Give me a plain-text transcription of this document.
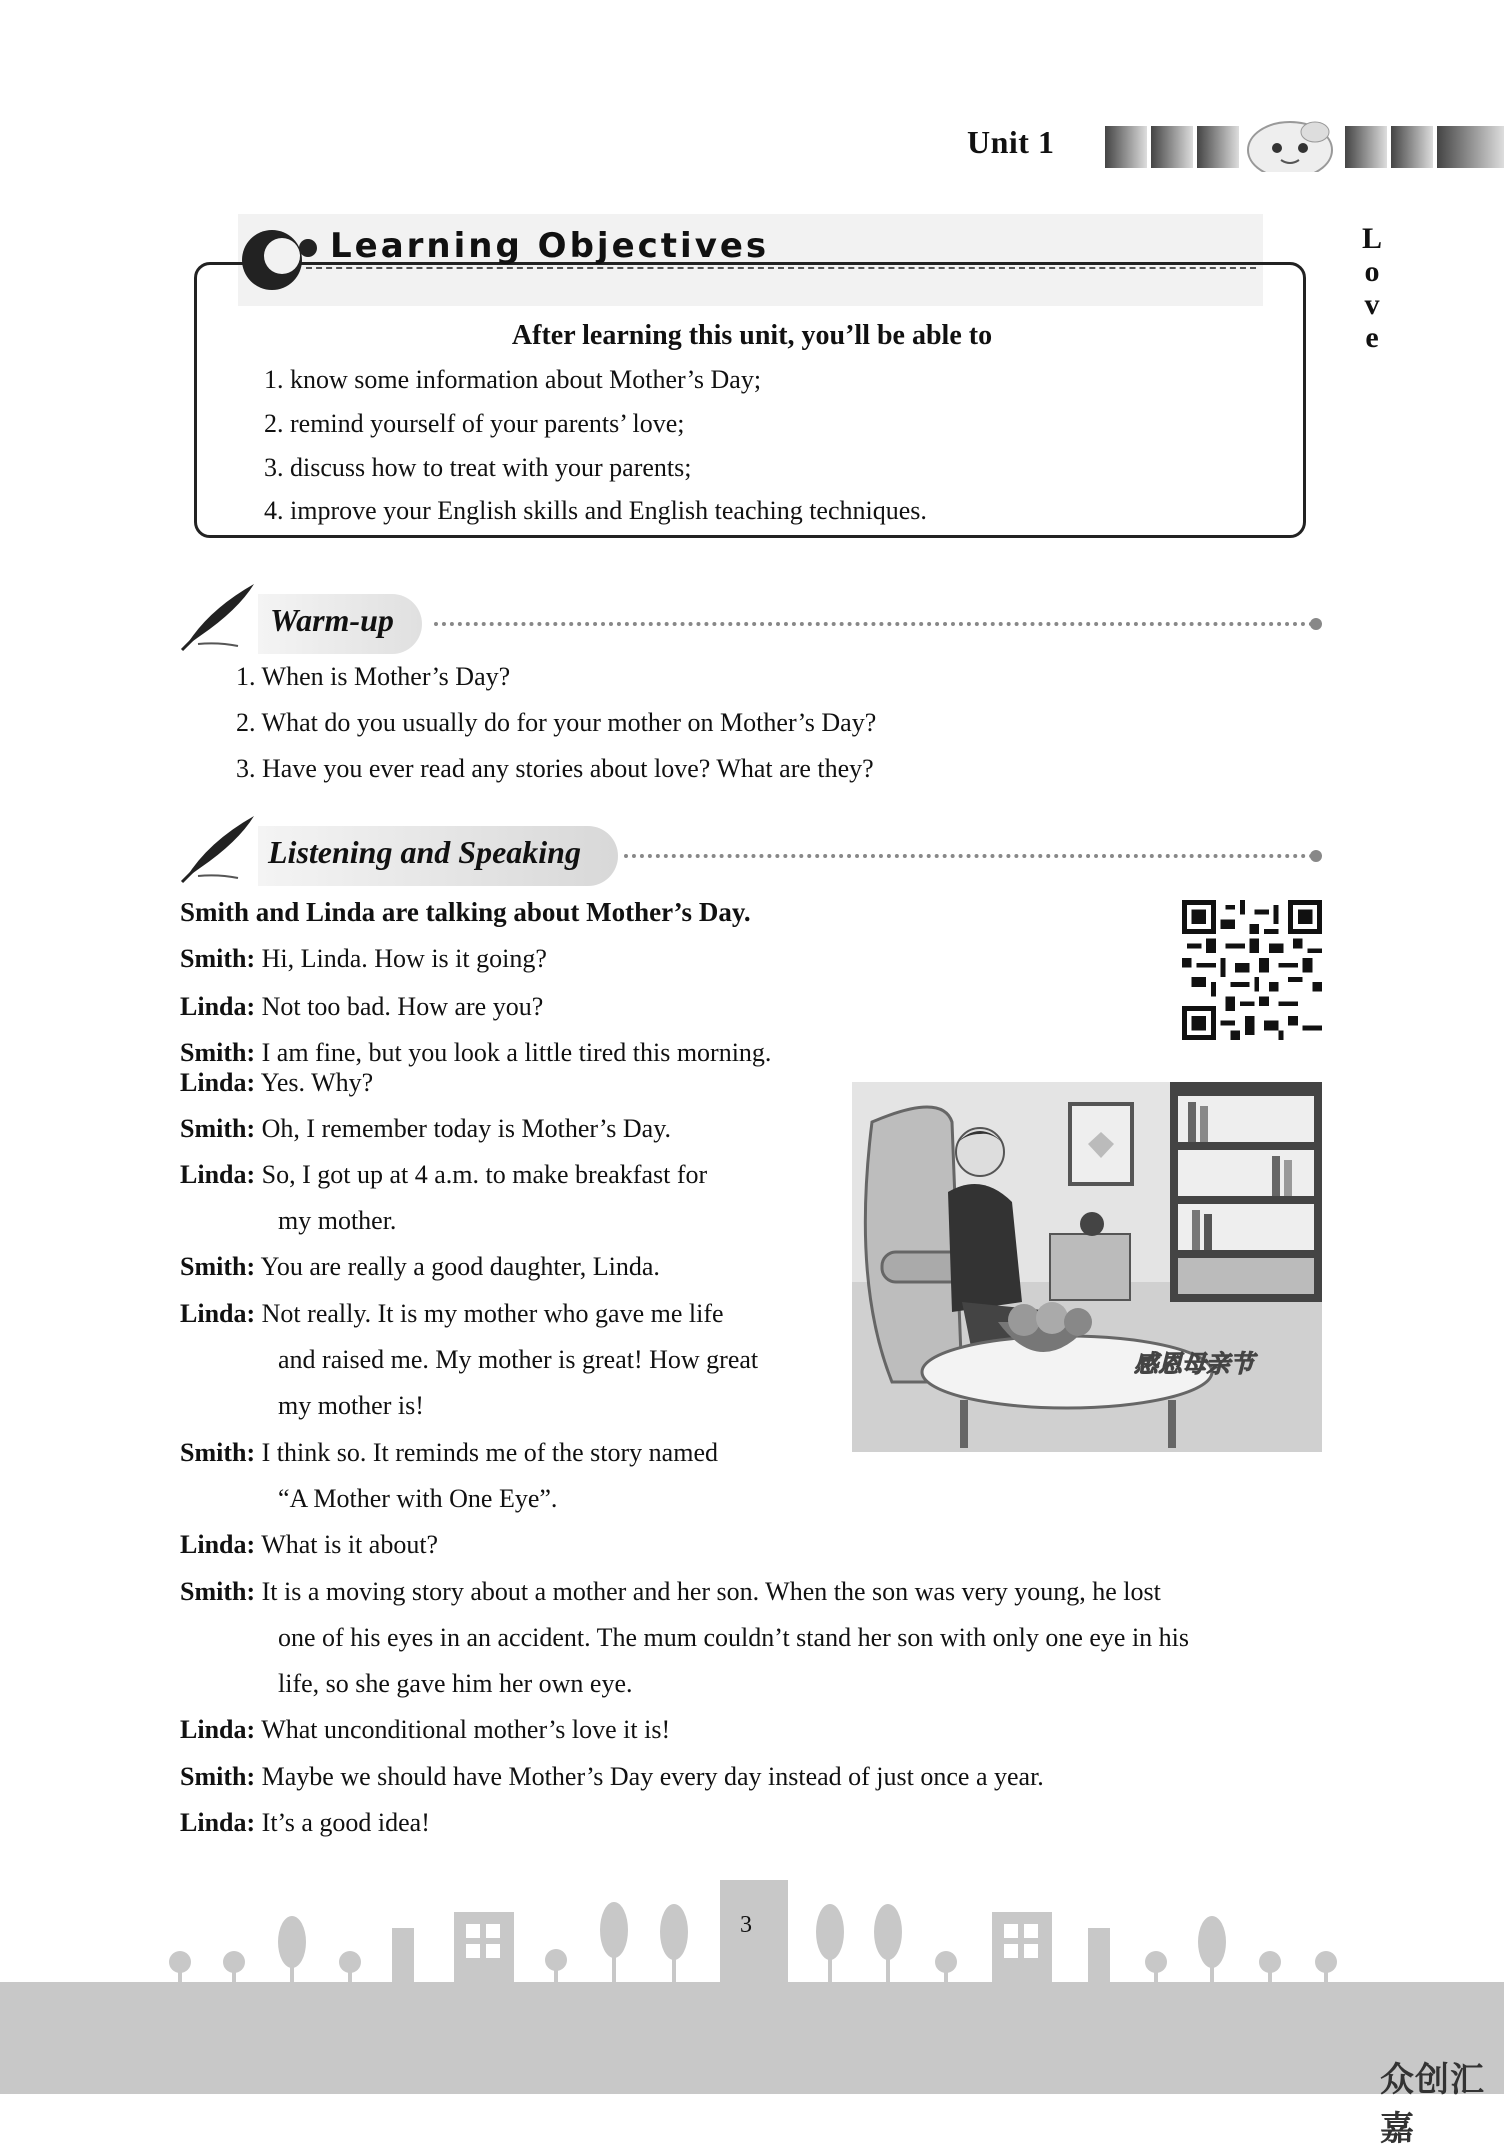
Unit 1
L
o
v
e
Learning Objectives
After learning this unit, you’ll be able to
1. know some information about Mother’s Day;
2. remind yourself of your parents’ love;
3. discuss how to treat with your parents;
4. improve your English skills and English teaching techniques.
Warm-up
1. When is Mother’s Day?
2. What do you usually do for your mother on Mother’s Day?
3. Have you ever read any stories about love? What are they?
Listening and Speaking
感恩母亲节
Smith and Linda are talking about Mother’s Day.
Smith: Hi, Linda. How is it going?
Linda: Not too bad. How are you?
Smith: I am fine, but you look a little tired this morning.
Linda: Yes. Why?
Smith: Oh, I remember today is Mother’s Day.
Linda: So, I got up at 4 a.m. to make breakfast for
my mother.
Smith: You are really a good daughter, Linda.
Linda: Not really. It is my mother who gave me life
and raised me. My mother is great! How great
my mother is!
Smith: I think so. It reminds me of the story named
“A Mother with One Eye”.
Linda: What is it about?
Smith: It is a moving story about a mother and her son. When the son was very young, he lost
one of his eyes in an accident. The mum couldn’t stand her son with only one eye in his
life, so she gave him her own eye.
Linda: What unconditional mother’s love it is!
Smith: Maybe we should have Mother’s Day every day instead of just once a year.
Linda: It’s a good idea!
3
众创汇嘉
